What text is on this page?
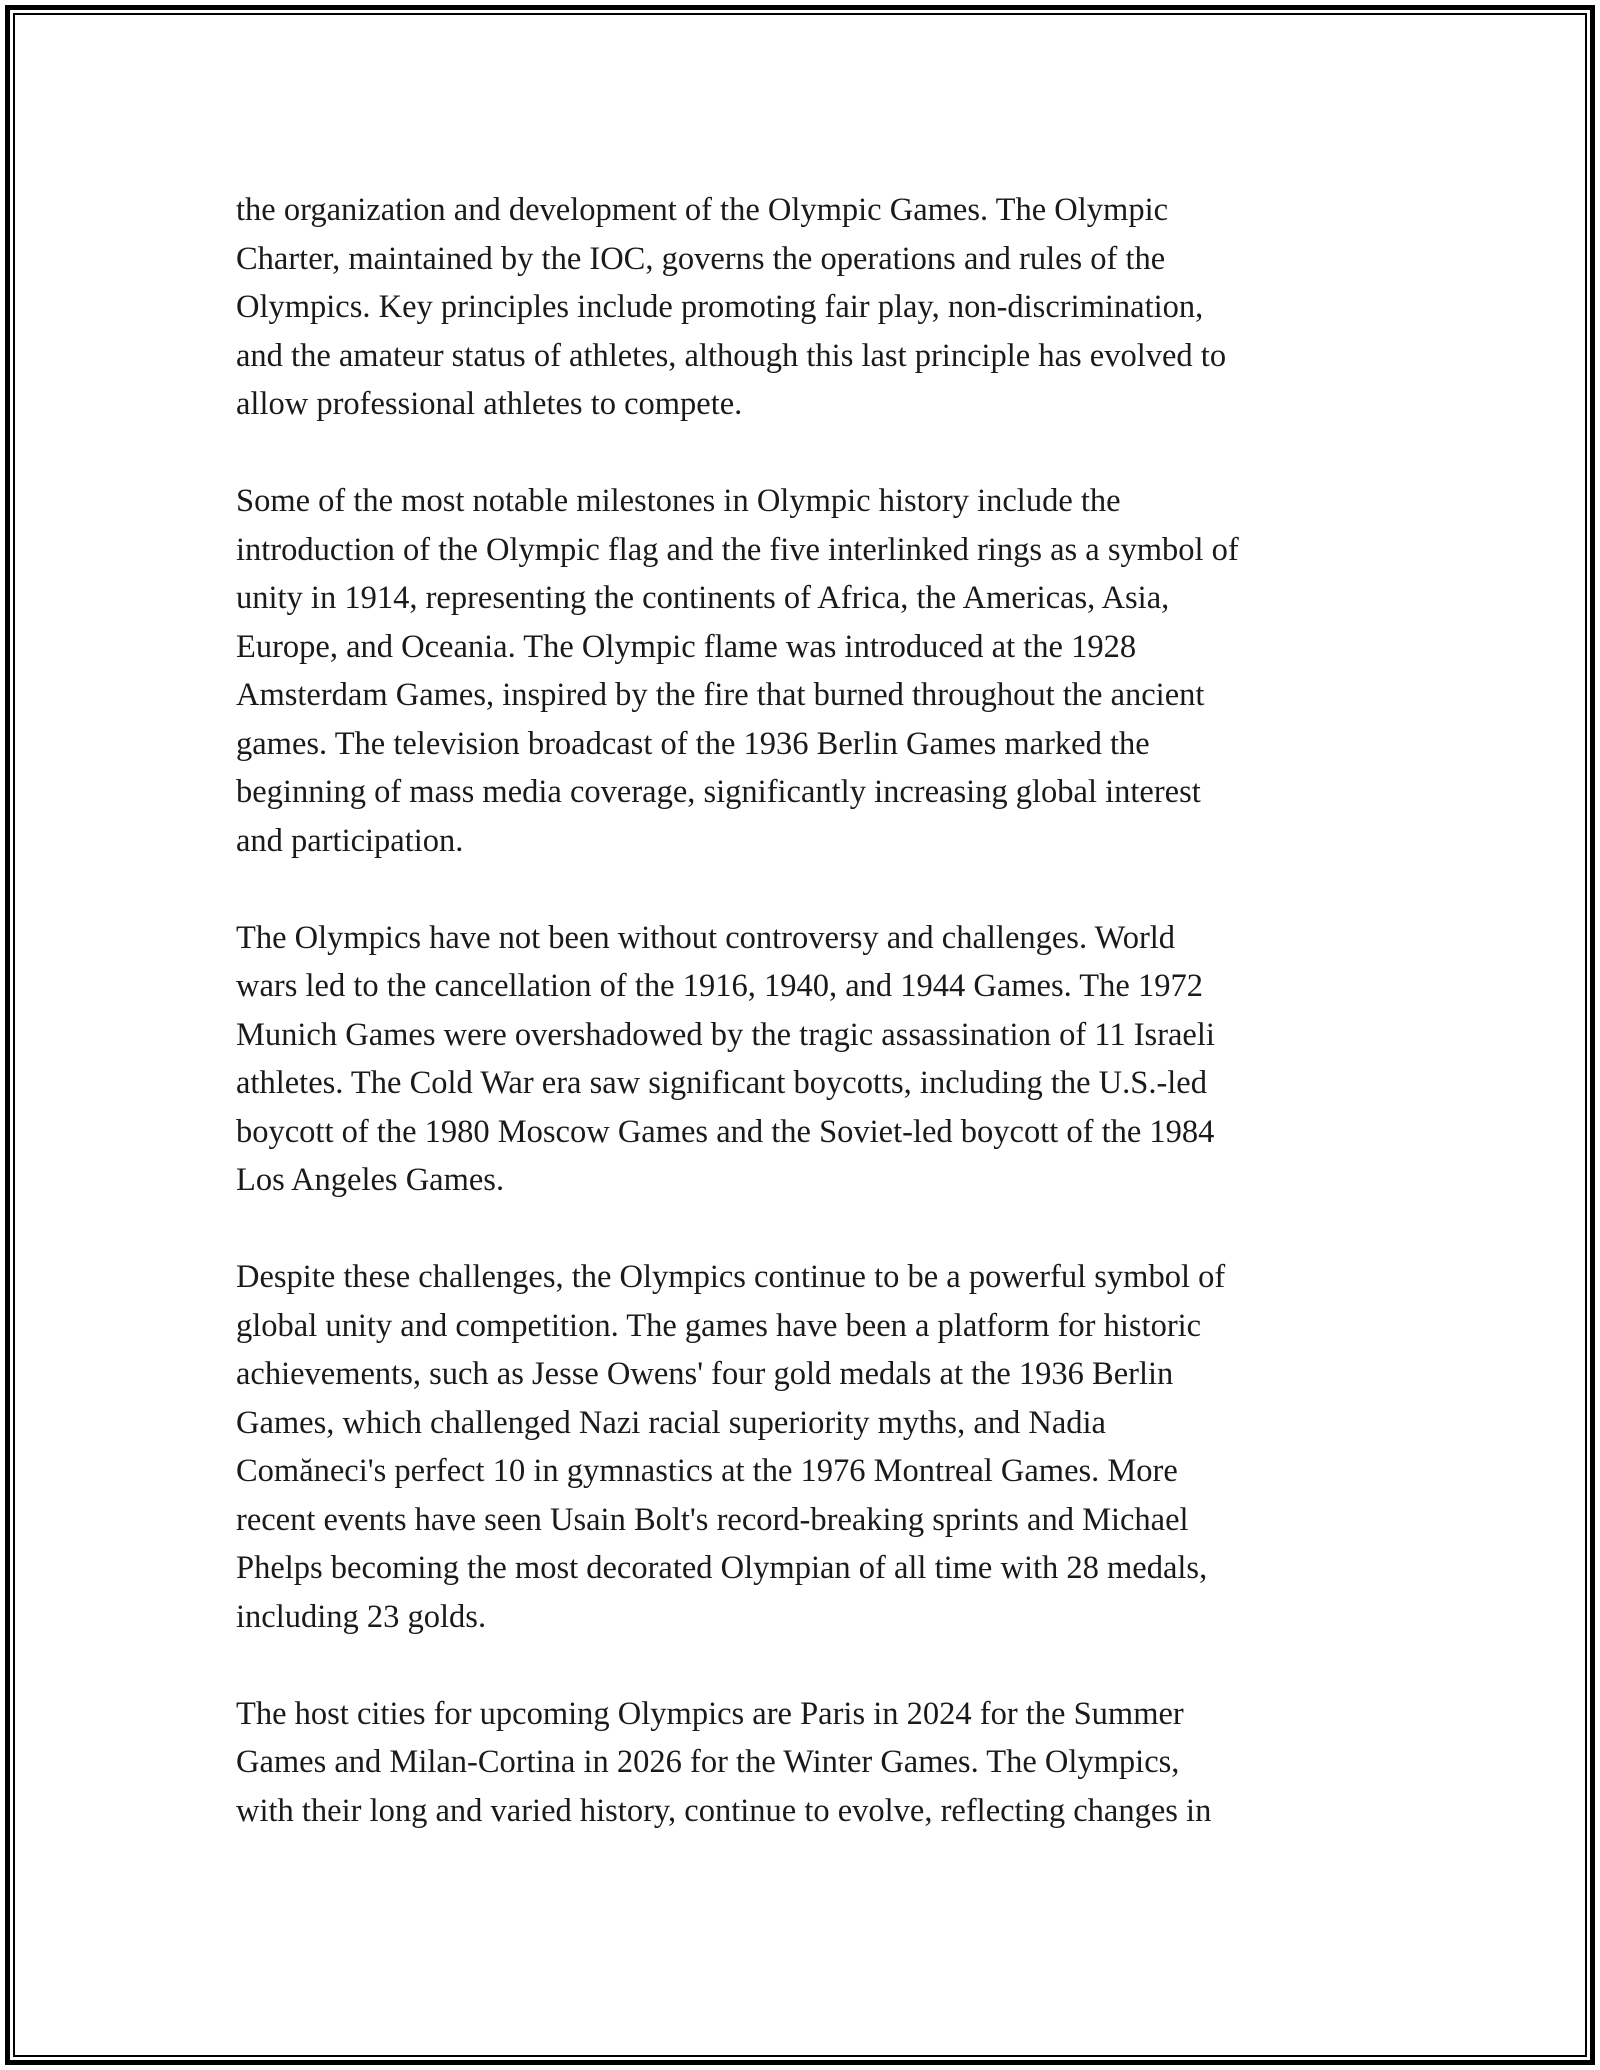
the organization and development of the Olympic Games. The Olympic
Charter, maintained by the IOC, governs the operations and rules of the
Olympics. Key principles include promoting fair play, non-discrimination,
and the amateur status of athletes, although this last principle has evolved to
allow professional athletes to compete.

Some of the most notable milestones in Olympic history include the
introduction of the Olympic flag and the five interlinked rings as a symbol of
unity in 1914, representing the continents of Africa, the Americas, Asia,
Europe, and Oceania. The Olympic flame was introduced at the 1928
Amsterdam Games, inspired by the fire that burned throughout the ancient
games. The television broadcast of the 1936 Berlin Games marked the
beginning of mass media coverage, significantly increasing global interest
and participation.

The Olympics have not been without controversy and challenges. World
wars led to the cancellation of the 1916, 1940, and 1944 Games. The 1972
Munich Games were overshadowed by the tragic assassination of 11 Israeli
athletes. The Cold War era saw significant boycotts, including the U.S.-led
boycott of the 1980 Moscow Games and the Soviet-led boycott of the 1984
Los Angeles Games.

Despite these challenges, the Olympics continue to be a powerful symbol of
global unity and competition. The games have been a platform for historic
achievements, such as Jesse Owens' four gold medals at the 1936 Berlin
Games, which challenged Nazi racial superiority myths, and Nadia
Comăneci's perfect 10 in gymnastics at the 1976 Montreal Games. More
recent events have seen Usain Bolt's record-breaking sprints and Michael
Phelps becoming the most decorated Olympian of all time with 28 medals,
including 23 golds.

The host cities for upcoming Olympics are Paris in 2024 for the Summer
Games and Milan-Cortina in 2026 for the Winter Games. The Olympics,
with their long and varied history, continue to evolve, reflecting changes in
